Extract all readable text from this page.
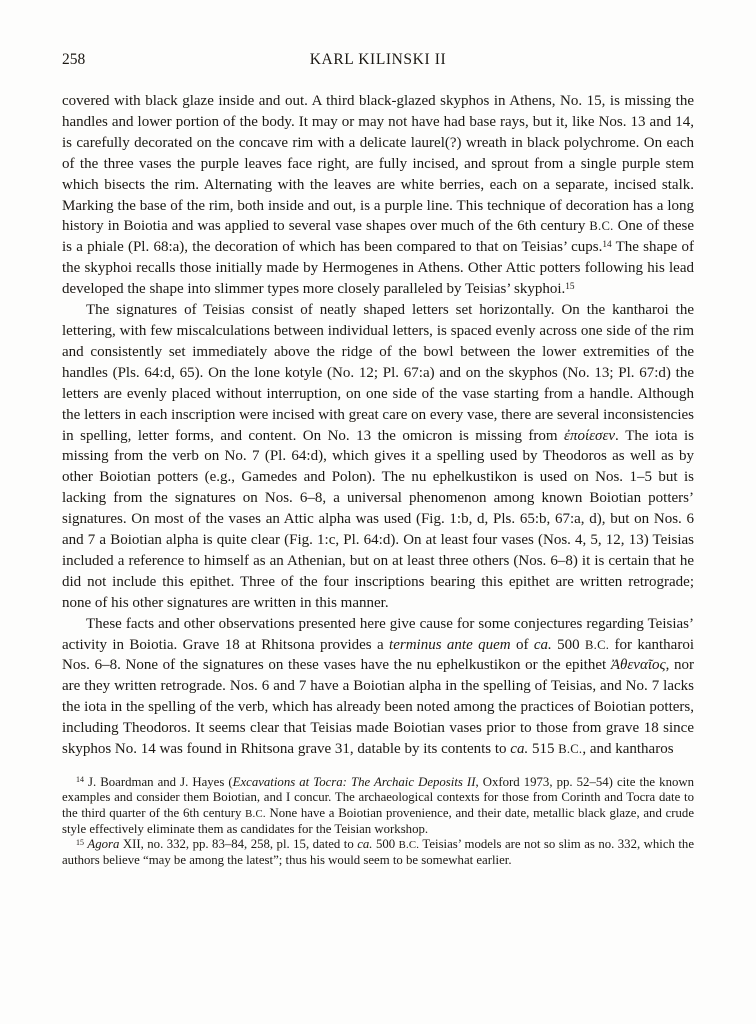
258	KARL KILINSKI II

covered with black glaze inside and out. A third black-glazed skyphos in Athens, No. 15, is missing the handles and lower portion of the body. It may or may not have had base rays, but it, like Nos. 13 and 14, is carefully decorated on the concave rim with a delicate laurel(?) wreath in black polychrome. On each of the three vases the purple leaves face right, are fully incised, and sprout from a single purple stem which bisects the rim. Alternating with the leaves are white berries, each on a separate, incised stalk. Marking the base of the rim, both inside and out, is a purple line. This technique of decoration has a long history in Boiotia and was applied to several vase shapes over much of the 6th century B.C. One of these is a phiale (Pl. 68:a), the decoration of which has been compared to that on Teisias’ cups.$^{14}$ The shape of the skyphoi recalls those initially made by Hermogenes in Athens. Other Attic potters following his lead developed the shape into slimmer types more closely paralleled by Teisias’ skyphoi.$^{15}$

The signatures of Teisias consist of neatly shaped letters set horizontally. On the kantharoi the lettering, with few miscalculations between individual letters, is spaced evenly across one side of the rim and consistently set immediately above the ridge of the bowl between the lower extremities of the handles (Pls. 64:d, 65). On the lone kotyle (No. 12; Pl. 67:a) and on the skyphos (No. 13; Pl. 67:d) the letters are evenly placed without interruption, on one side of the vase starting from a handle. Although the letters in each inscription were incised with great care on every vase, there are several inconsistencies in spelling, letter forms, and content. On No. 13 the omicron is missing from ἐποίεσεν. The iota is missing from the verb on No. 7 (Pl. 64:d), which gives it a spelling used by Theodoros as well as by other Boiotian potters (e.g., Gamedes and Polon). The nu ephelkustikon is used on Nos. 1–5 but is lacking from the signatures on Nos. 6–8, a universal phenomenon among known Boiotian potters’ signatures. On most of the vases an Attic alpha was used (Fig. 1:b, d, Pls. 65:b, 67:a, d), but on Nos. 6 and 7 a Boiotian alpha is quite clear (Fig. 1:c, Pl. 64:d). On at least four vases (Nos. 4, 5, 12, 13) Teisias included a reference to himself as an Athenian, but on at least three others (Nos. 6–8) it is certain that he did not include this epithet. Three of the four inscriptions bearing this epithet are written retrograde; none of his other signatures are written in this manner.

These facts and other observations presented here give cause for some conjectures regarding Teisias’ activity in Boiotia. Grave 18 at Rhitsona provides a terminus ante quem of ca. 500 B.C. for kantharoi Nos. 6–8. None of the signatures on these vases have the nu ephelkustikon or the epithet Ἀθεναῖος, nor are they written retrograde. Nos. 6 and 7 have a Boiotian alpha in the spelling of Teisias, and No. 7 lacks the iota in the spelling of the verb, which has already been noted among the practices of Boiotian potters, including Theodoros. It seems clear that Teisias made Boiotian vases prior to those from grave 18 since skyphos No. 14 was found in Rhitsona grave 31, datable by its contents to ca. 515 B.C., and kantharos

$^{14}$ J. Boardman and J. Hayes (Excavations at Tocra: The Archaic Deposits II, Oxford 1973, pp. 52–54) cite the known examples and consider them Boiotian, and I concur. The archaeological contexts for those from Corinth and Tocra date to the third quarter of the 6th century B.C. None have a Boiotian provenience, and their date, metallic black glaze, and crude style effectively eliminate them as candidates for the Teisian workshop.

$^{15}$ Agora XII, no. 332, pp. 83–84, 258, pl. 15, dated to ca. 500 B.C. Teisias’ models are not so slim as no. 332, which the authors believe “may be among the latest”; thus his would seem to be somewhat earlier.
